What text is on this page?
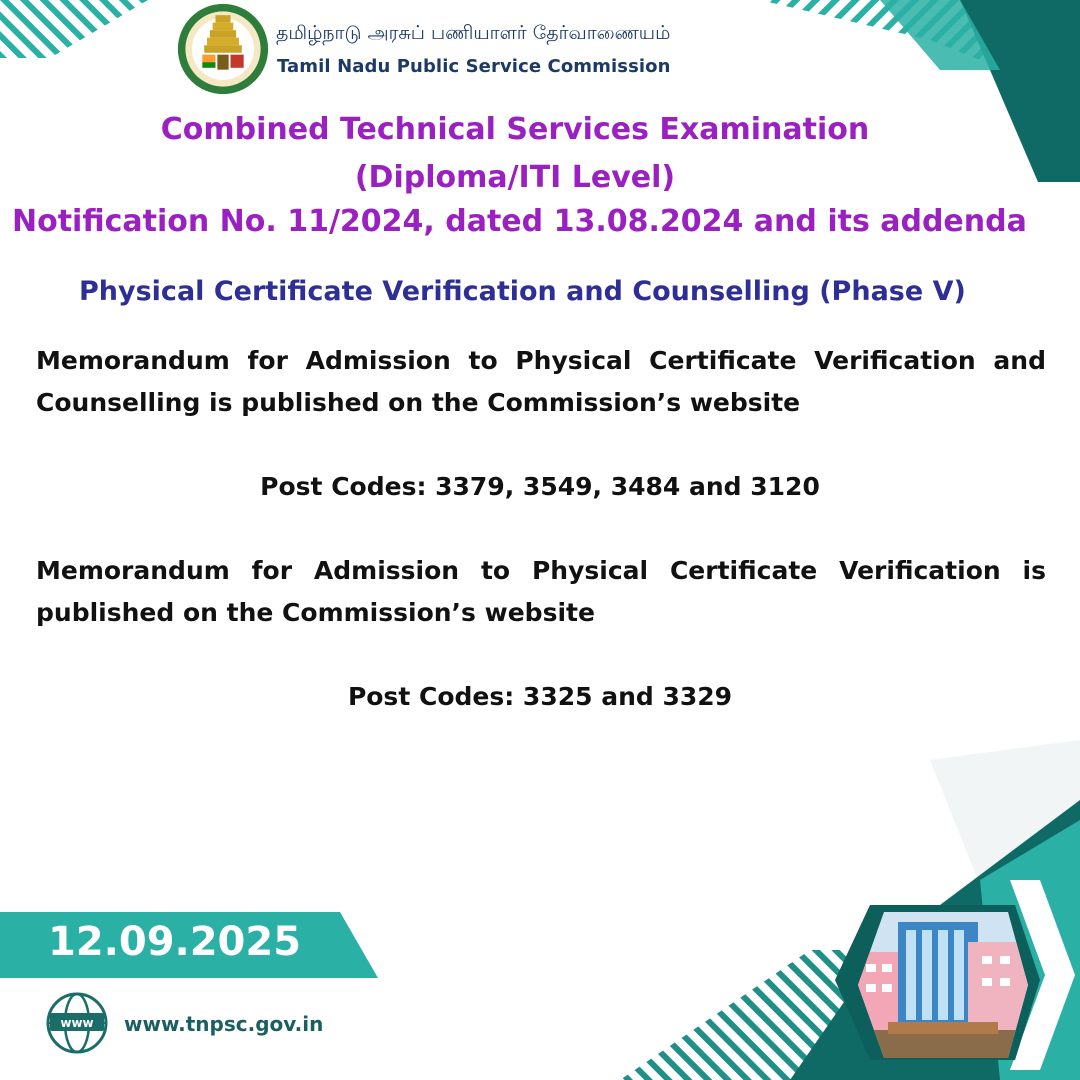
தமிழ்நாடு அரசுப் பணியாளர் தேர்வாணையம்
Tamil Nadu Public Service Commission
Combined Technical Services Examination
(Diploma/ITI Level)
Notification No. 11/2024, dated 13.08.2024 and its addenda
Physical Certificate Verification and Counselling (Phase V)
Memorandum for Admission to Physical Certificate Verification and Counselling is published on the Commission’s website
Post Codes: 3379, 3549, 3484 and 3120
Memorandum for Admission to Physical Certificate Verification is published on the Commission’s website
Post Codes: 3325 and 3329
12.09.2025
www www.tnpsc.gov.in
